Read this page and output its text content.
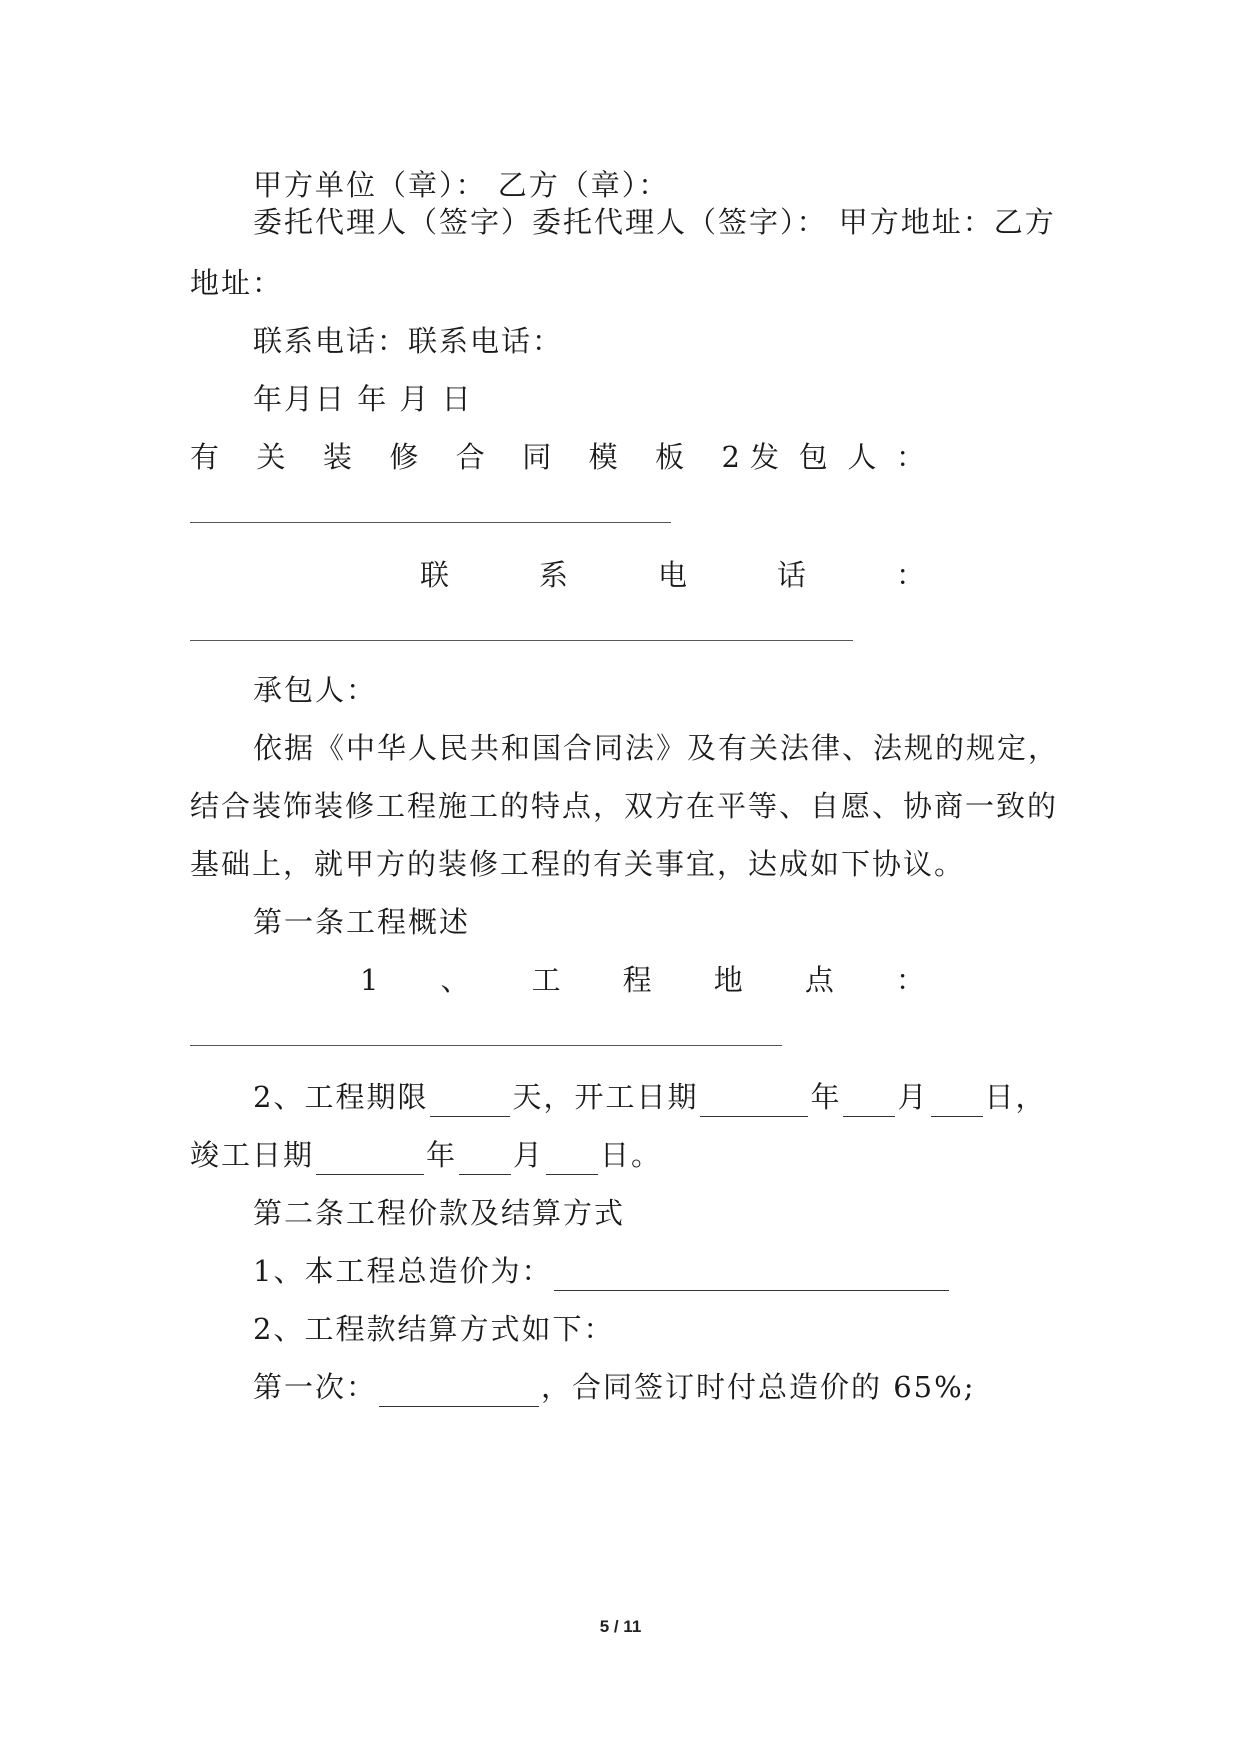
甲方单位（章）： 乙方（章）：
委托代理人（签字）委托代理人（签字）： 甲方地址：乙方
地址：
联系电话：联系电话：
年月日 年 月 日
有 关 装 修 合 同 模 板 2 发 包 人 ：
联	系	电	话	：
承包人：
依据《中华人民共和国合同法》及有关法律、法规的规定，
结合装饰装修工程施工的特点，双方在平等、自愿、协商一致的
基础上，就甲方的装修工程的有关事宜，达成如下协议。
第一条工程概述
1 、 工 程 地 点 ：
2、工程期限	天，开工日期	年 月 日，
竣工日期	年 月 日。
第二条工程价款及结算方式
1、本工程总造价为：
2、工程款结算方式如下：
第一次：	，合同签订时付总造价的 65%;
5 / 11
